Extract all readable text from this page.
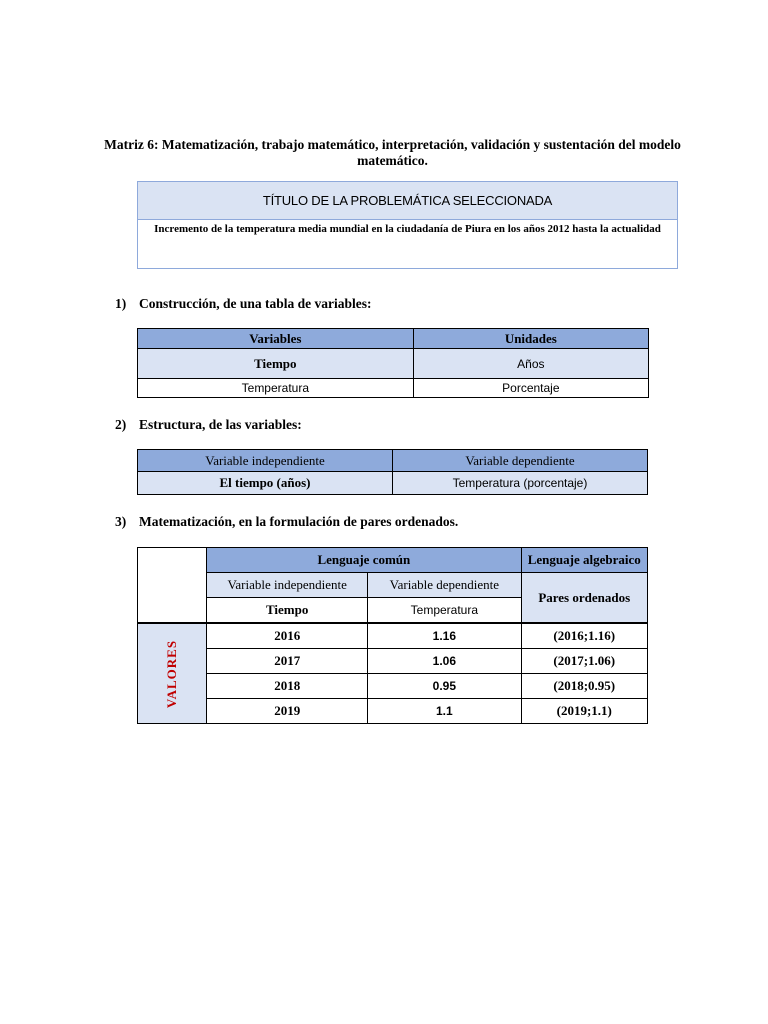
Matriz 6: Matematización, trabajo matemático, interpretación, validación y sustentación del modelo matemático.
TÍTULO DE LA PROBLEMÁTICA SELECCIONADA
Incremento de la temperatura media mundial en la ciudadanía de Piura en los años 2012 hasta la actualidad
1) Construcción, de una tabla de variables:
Variables	Unidades
Tiempo	Años
Temperatura	Porcentaje
2) Estructura, de las variables:
Variable independiente	Variable dependiente
El tiempo (años)	Temperatura (porcentaje)
3) Matematización, en la formulación de pares ordenados.
	Lenguaje común		Lenguaje algebraico
	Variable independiente	Variable dependiente	Pares ordenados
	Tiempo	Temperatura	
VALORES	2016	1.16	(2016;1.16)
	2017	1.06	(2017;1.06)
	2018	0.95	(2018;0.95)
	2019	1.1	(2019;1.1)
